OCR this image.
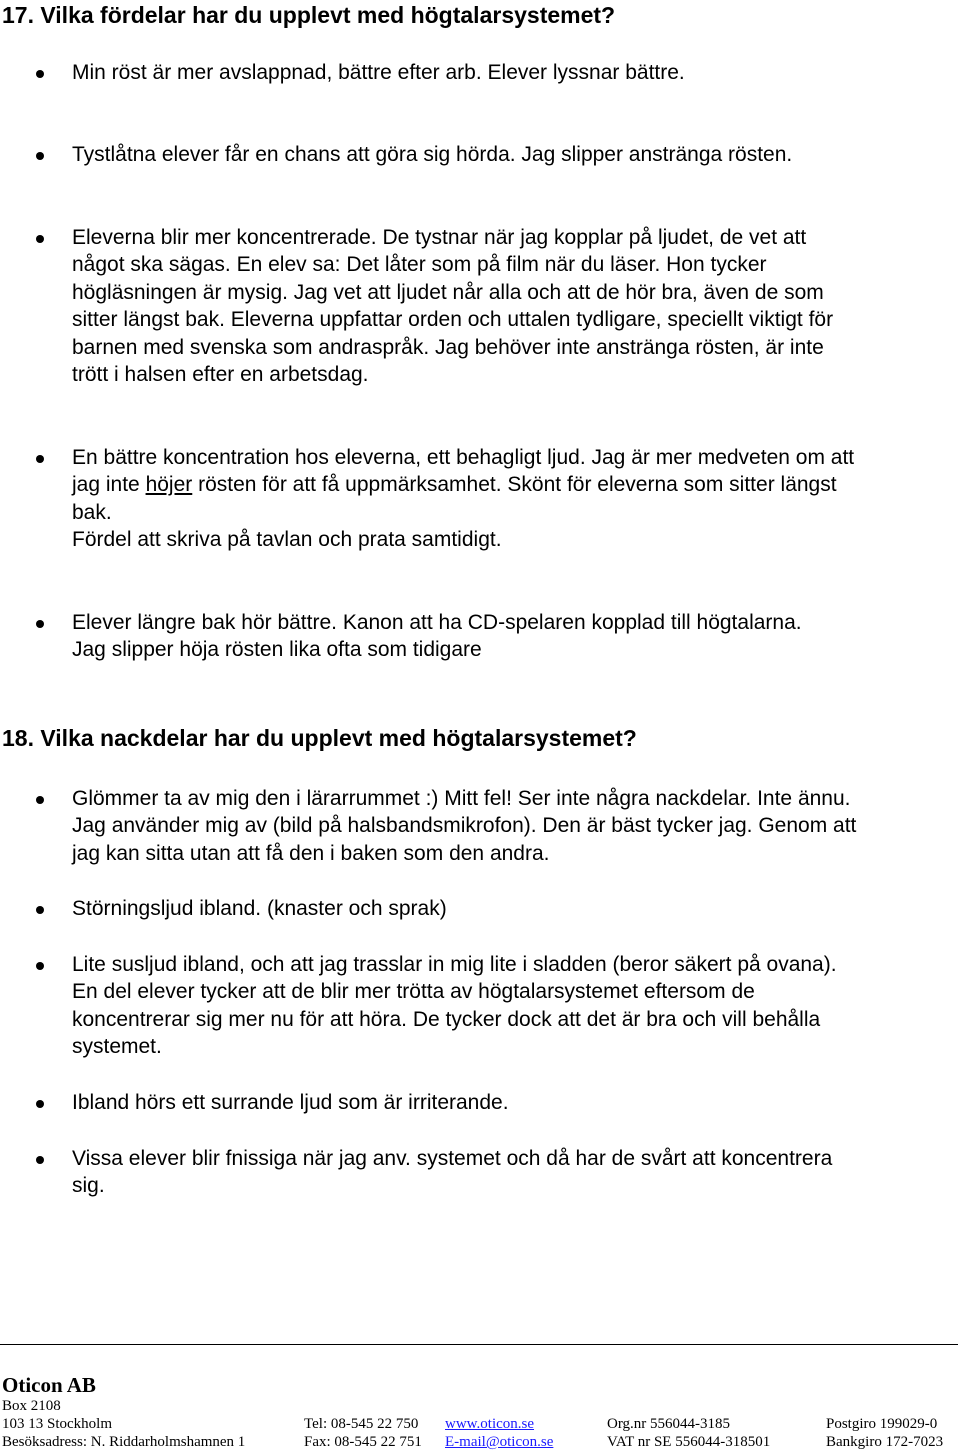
17. Vilka fördelar har du upplevt med högtalarsystemet?
Min röst är mer avslappnad, bättre efter arb. Elever lyssnar bättre.
Tystlåtna elever får en chans att göra sig hörda. Jag slipper anstränga rösten.
Eleverna blir mer koncentrerade. De tystnar när jag kopplar på ljudet, de vet att
något ska sägas. En elev sa: Det låter som på film när du läser. Hon tycker
högläsningen är mysig. Jag vet att ljudet når alla och att de hör bra, även de som
sitter längst bak. Eleverna uppfattar orden och uttalen tydligare, speciellt viktigt för
barnen med svenska som andraspråk. Jag behöver inte anstränga rösten, är inte
trött i halsen efter en arbetsdag.
En bättre koncentration hos eleverna, ett behagligt ljud. Jag är mer medveten om att
jag inte höjer rösten för att få uppmärksamhet. Skönt för eleverna som sitter längst
bak.
Fördel att skriva på tavlan och prata samtidigt.
Elever längre bak hör bättre. Kanon att ha CD-spelaren kopplad till högtalarna.
Jag slipper höja rösten lika ofta som tidigare
18. Vilka nackdelar har du upplevt med högtalarsystemet?
Glömmer ta av mig den i lärarrummet :) Mitt fel! Ser inte några nackdelar. Inte ännu.
Jag använder mig av (bild på halsbandsmikrofon). Den är bäst tycker jag. Genom att
jag kan sitta utan att få den i baken som den andra.
Störningsljud ibland. (knaster och sprak)
Lite susljud ibland, och att jag trasslar in mig lite i sladden (beror säkert på ovana).
En del elever tycker att de blir mer trötta av högtalarsystemet eftersom de
koncentrerar sig mer nu för att höra. De tycker dock att det är bra och vill behålla
systemet.
Ibland hörs ett surrande ljud som är irriterande.
Vissa elever blir fnissiga när jag anv. systemet och då har de svårt att koncentrera
sig.
Oticon AB
Box 2108
103 13 Stockholm	Tel: 08-545 22 750 www.oticon.se	Org.nr 556044-3185	Postgiro 199029-0
Besöksadress: N. Riddarholmshamnen 1	Fax: 08-545 22 751 E-mail@oticon.se	VAT nr SE 556044-318501	Bankgiro 172-7023
